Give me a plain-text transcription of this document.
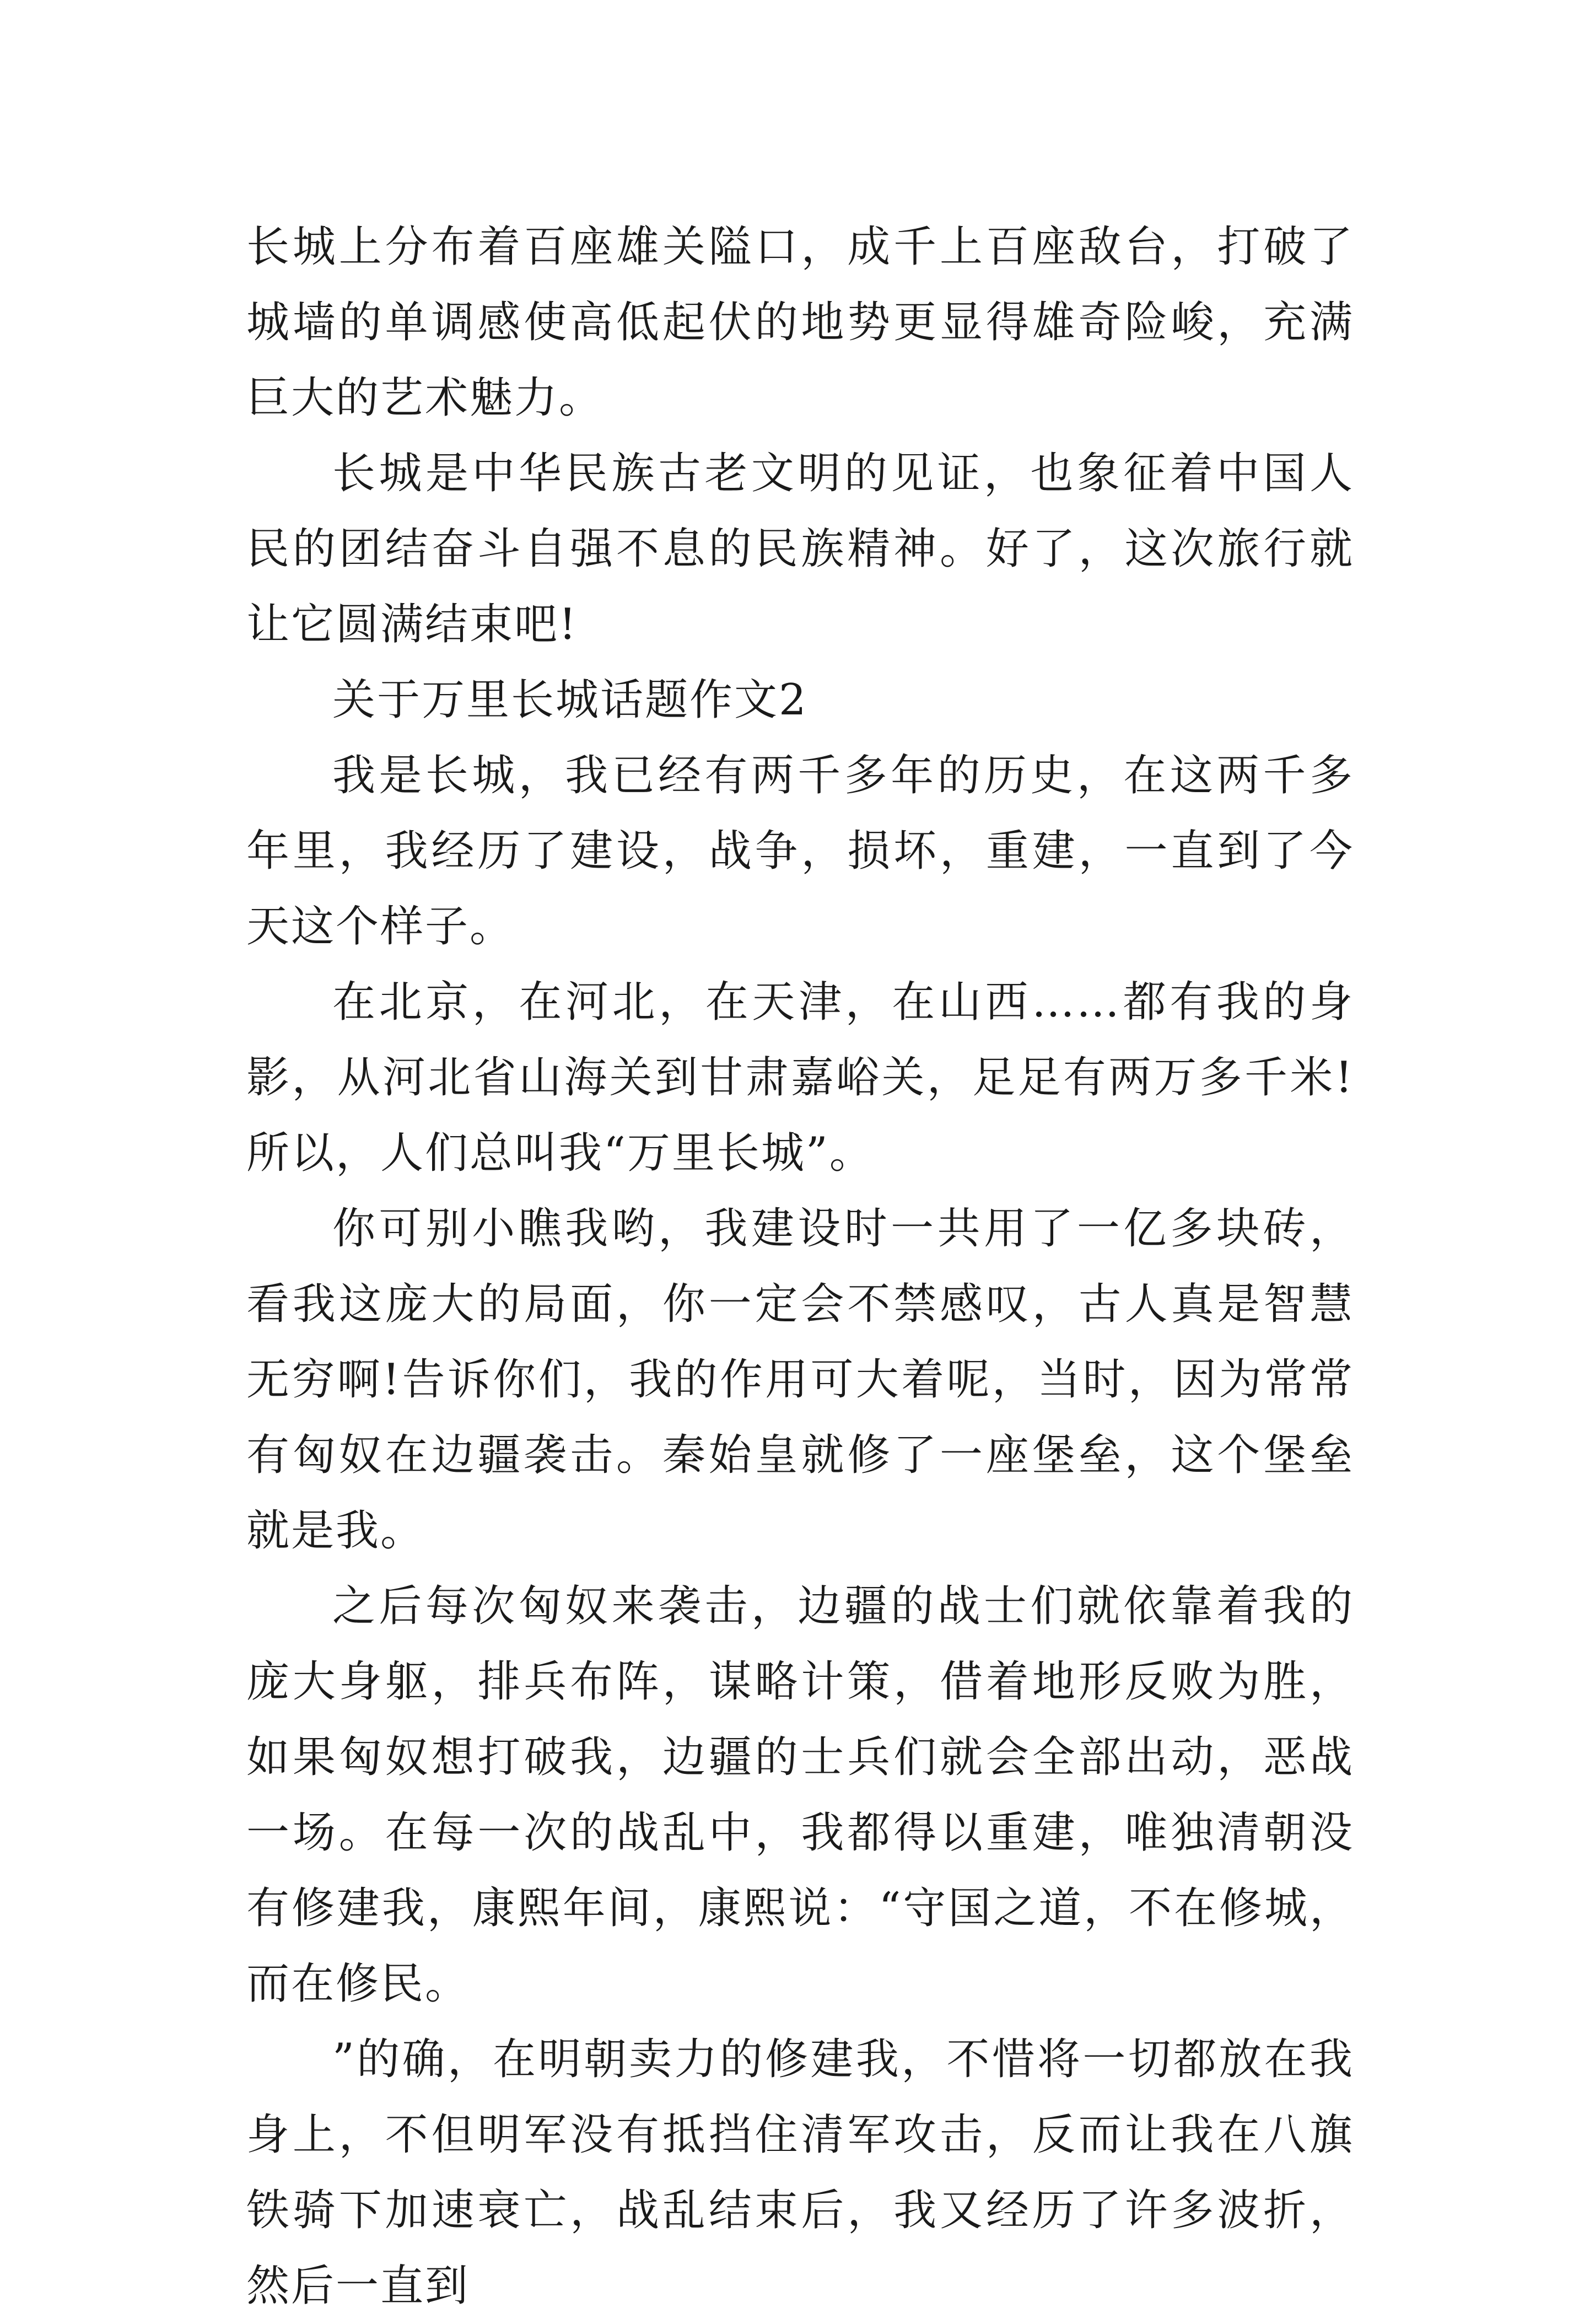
长城上分布着百座雄关隘口，成千上百座敌台，打破了城墙的单调感使高低起伏的地势更显得雄奇险峻，充满巨大的艺术魅力。

长城是中华民族古老文明的见证，也象征着中国人民的团结奋斗自强不息的民族精神。好了，这次旅行就让它圆满结束吧!

关于万里长城话题作文2

我是长城，我已经有两千多年的历史，在这两千多年里，我经历了建设，战争，损坏，重建，一直到了今天这个样子。

在北京，在河北，在天津，在山西……都有我的身影，从河北省山海关到甘肃嘉峪关，足足有两万多千米!所以，人们总叫我“万里长城”。

你可别小瞧我哟，我建设时一共用了一亿多块砖，看我这庞大的局面，你一定会不禁感叹，古人真是智慧无穷啊!告诉你们，我的作用可大着呢，当时，因为常常有匈奴在边疆袭击。秦始皇就修了一座堡垒，这个堡垒就是我。

之后每次匈奴来袭击，边疆的战士们就依靠着我的庞大身躯，排兵布阵，谋略计策，借着地形反败为胜，如果匈奴想打破我，边疆的士兵们就会全部出动，恶战一场。在每一次的战乱中，我都得以重建，唯独清朝没有修建我，康熙年间，康熙说：“守国之道，不在修城，而在修民。

”的确，在明朝卖力的修建我，不惜将一切都放在我身上，不但明军没有抵挡住清军攻击，反而让我在八旗铁骑下加速衰亡，战乱结束后，我又经历了许多波折，然后一直到
